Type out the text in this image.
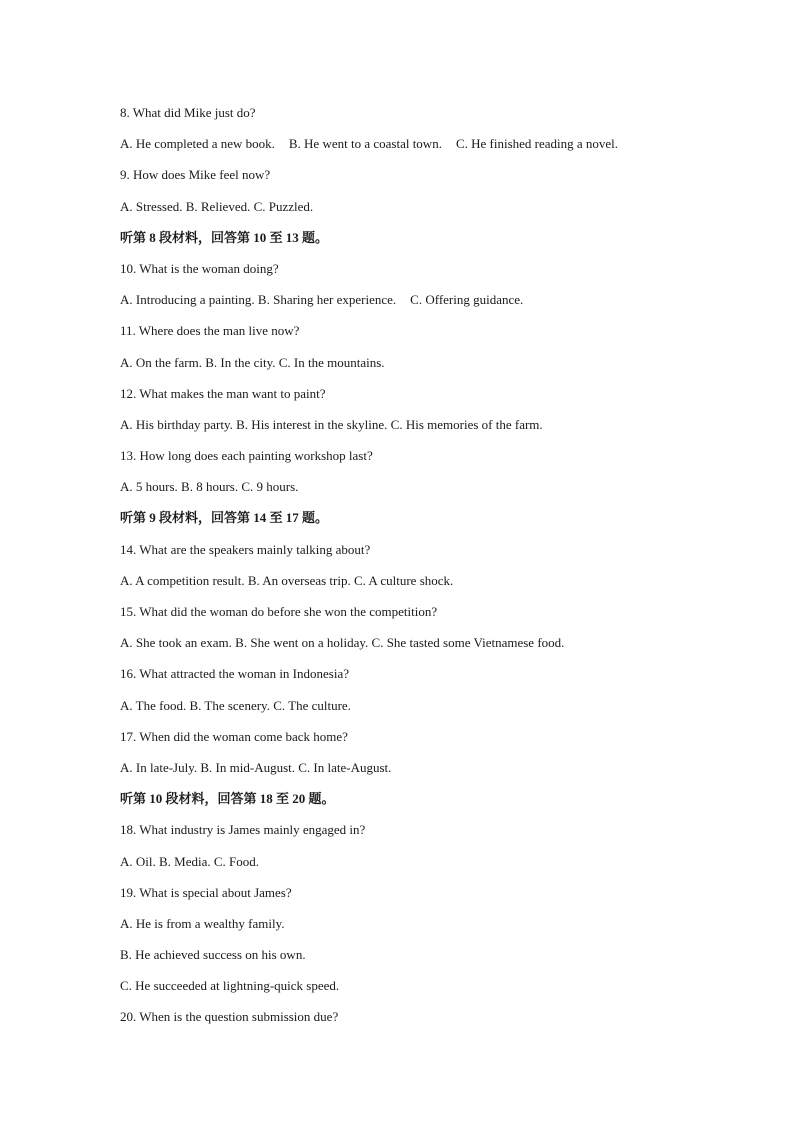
8. What did Mike just do?
A. He completed a new book. B. He went to a coastal town. C. He finished reading a novel.
9. How does Mike feel now?
A. Stressed. B. Relieved. C. Puzzled.
听第 8 段材料，回答第 10 至 13 题。
10. What is the woman doing?
A. Introducing a painting. B. Sharing her experience. C. Offering guidance.
11. Where does the man live now?
A. On the farm. B. In the city. C. In the mountains.
12. What makes the man want to paint?
A. His birthday party. B. His interest in the skyline. C. His memories of the farm.
13. How long does each painting workshop last?
A. 5 hours. B. 8 hours. C. 9 hours.
听第 9 段材料，回答第 14 至 17 题。
14. What are the speakers mainly talking about?
A. A competition result. B. An overseas trip. C. A culture shock.
15. What did the woman do before she won the competition?
A. She took an exam. B. She went on a holiday. C. She tasted some Vietnamese food.
16. What attracted the woman in Indonesia?
A. The food. B. The scenery. C. The culture.
17. When did the woman come back home?
A. In late-July. B. In mid-August. C. In late-August.
听第 10 段材料，回答第 18 至 20 题。
18. What industry is James mainly engaged in?
A. Oil. B. Media. C. Food.
19. What is special about James?
A. He is from a wealthy family.
B. He achieved success on his own.
C. He succeeded at lightning-quick speed.
20. When is the question submission due?
